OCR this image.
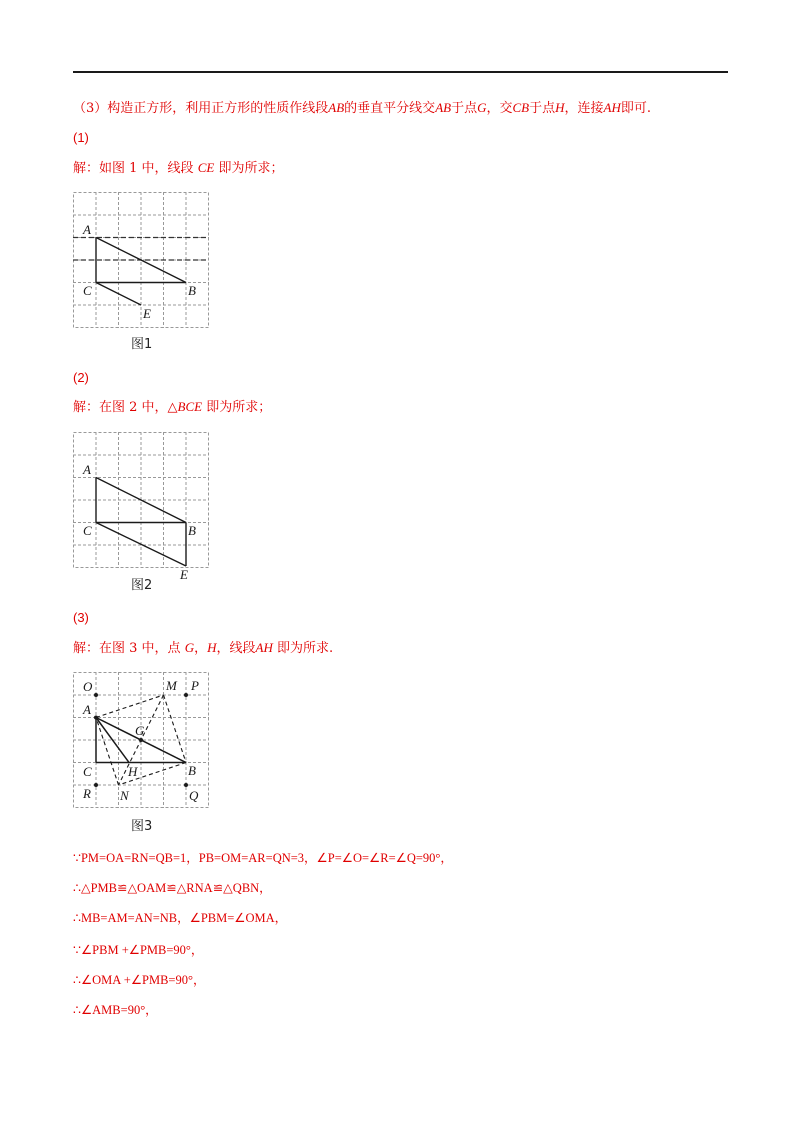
（3）构造正方形，利用正方形的性质作线段AB的垂直平分线交AB于点G，交CB于点H，连接AH即可.
(1)
解：如图 1 中，线段 CE 即为所求；
A
B
C
E
图1
(2)
解：在图 2 中，△BCE 即为所求；
A
B
C
E
图2
(3)
解：在图 3 中，点 G，H，线段AH 即为所求.
O	M P
A
G
C	H	B
R N	Q
图3
∵PM=OA=RN=QB=1，PB=OM=AR=QN=3，∠P=∠O=∠R=∠Q=90°，
∴△PMB≌△OAM≌△RNA≌△QBN，
∴MB=AM=AN=NB，∠PBM=∠OMA，
∵∠PBM +∠PMB=90°，
∴∠OMA +∠PMB=90°，
∴∠AMB=90°，
